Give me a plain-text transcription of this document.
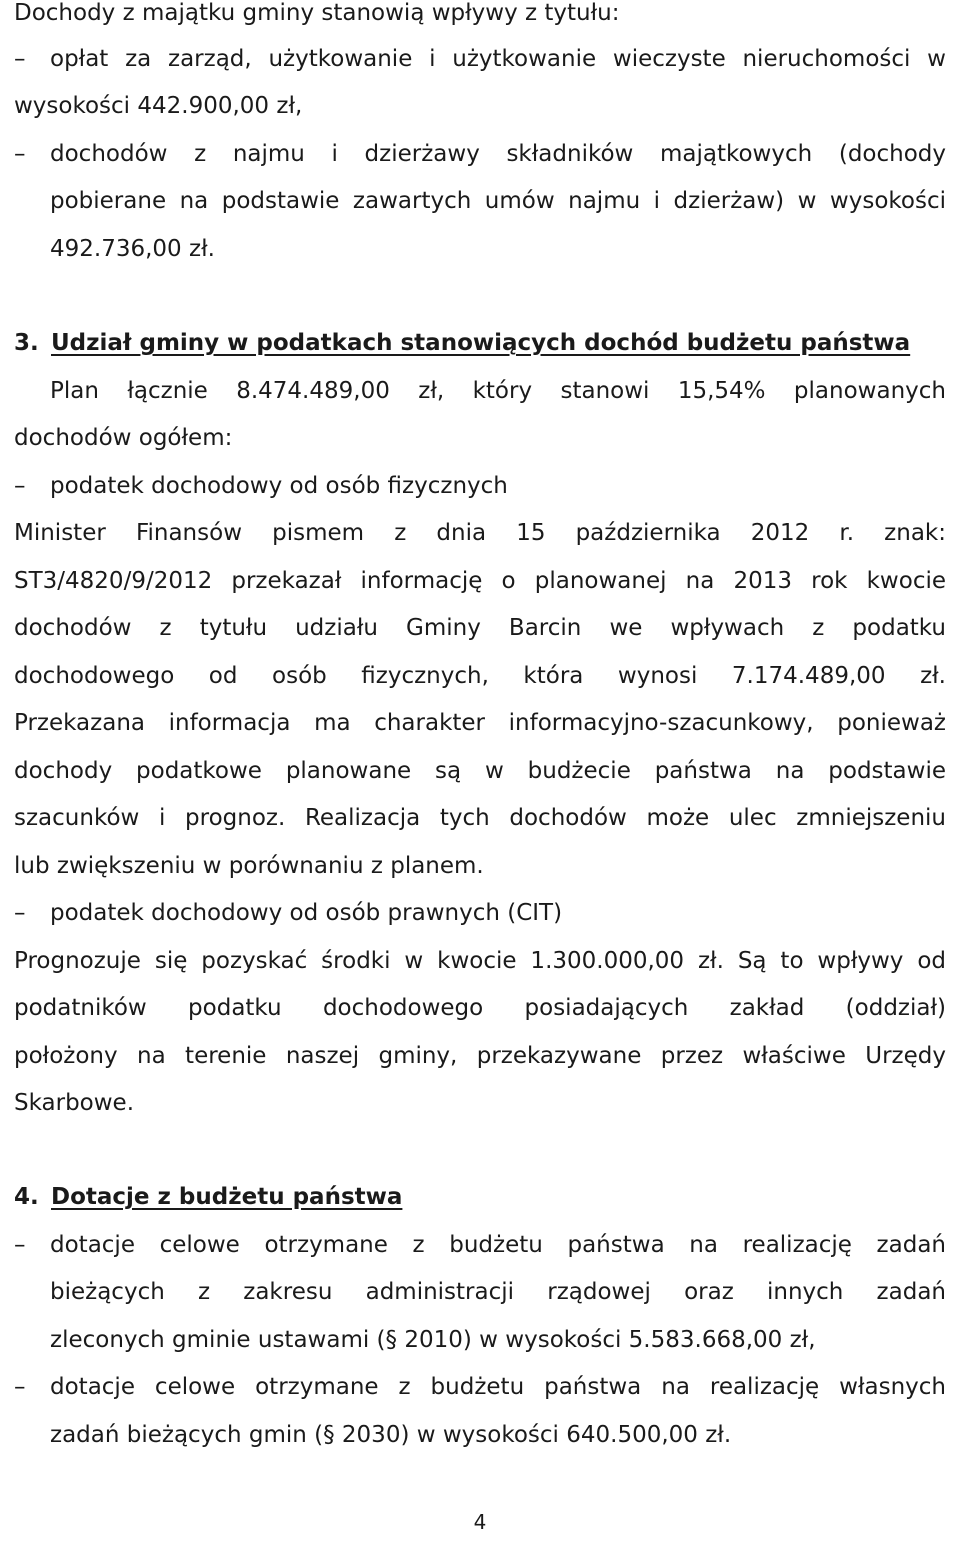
Dochody z majątku gminy stanowią wpływy z tytułu:
–	opłat za zarząd, użytkowanie i użytkowanie wieczyste nieruchomości w
wysokości 442.900,00 zł,
–	dochodów z najmu i dzierżawy składników majątkowych (dochody
pobierane na podstawie zawartych umów najmu i dzierżaw) w wysokości
492.736,00 zł.
3. Udział gminy w podatkach stanowiących dochód budżetu państwa
Plan łącznie 8.474.489,00 zł, który stanowi 15,54% planowanych
dochodów ogółem:
–	podatek dochodowy od osób fizycznych
Minister Finansów pismem z dnia 15 października 2012 r. znak:
ST3/4820/9/2012 przekazał informację o planowanej na 2013 rok kwocie
dochodów z tytułu udziału Gminy Barcin we wpływach z podatku
dochodowego od osób fizycznych, która wynosi 7.174.489,00 zł.
Przekazana informacja ma charakter informacyjno-szacunkowy, ponieważ
dochody podatkowe planowane są w budżecie państwa na podstawie
szacunków i prognoz. Realizacja tych dochodów może ulec zmniejszeniu
lub zwiększeniu w porównaniu z planem.
–	podatek dochodowy od osób prawnych (CIT)
Prognozuje się pozyskać środki w kwocie 1.300.000,00 zł. Są to wpływy od
podatników podatku dochodowego posiadających zakład (oddział)
położony na terenie naszej gminy, przekazywane przez właściwe Urzędy
Skarbowe.
4. Dotacje z budżetu państwa
–	dotacje celowe otrzymane z budżetu państwa na realizację zadań
bieżących z zakresu administracji rządowej oraz innych zadań
zleconych gminie ustawami (§ 2010) w wysokości 5.583.668,00 zł,
–	dotacje celowe otrzymane z budżetu państwa na realizację własnych
zadań bieżących gmin (§ 2030) w wysokości 640.500,00 zł.
4
